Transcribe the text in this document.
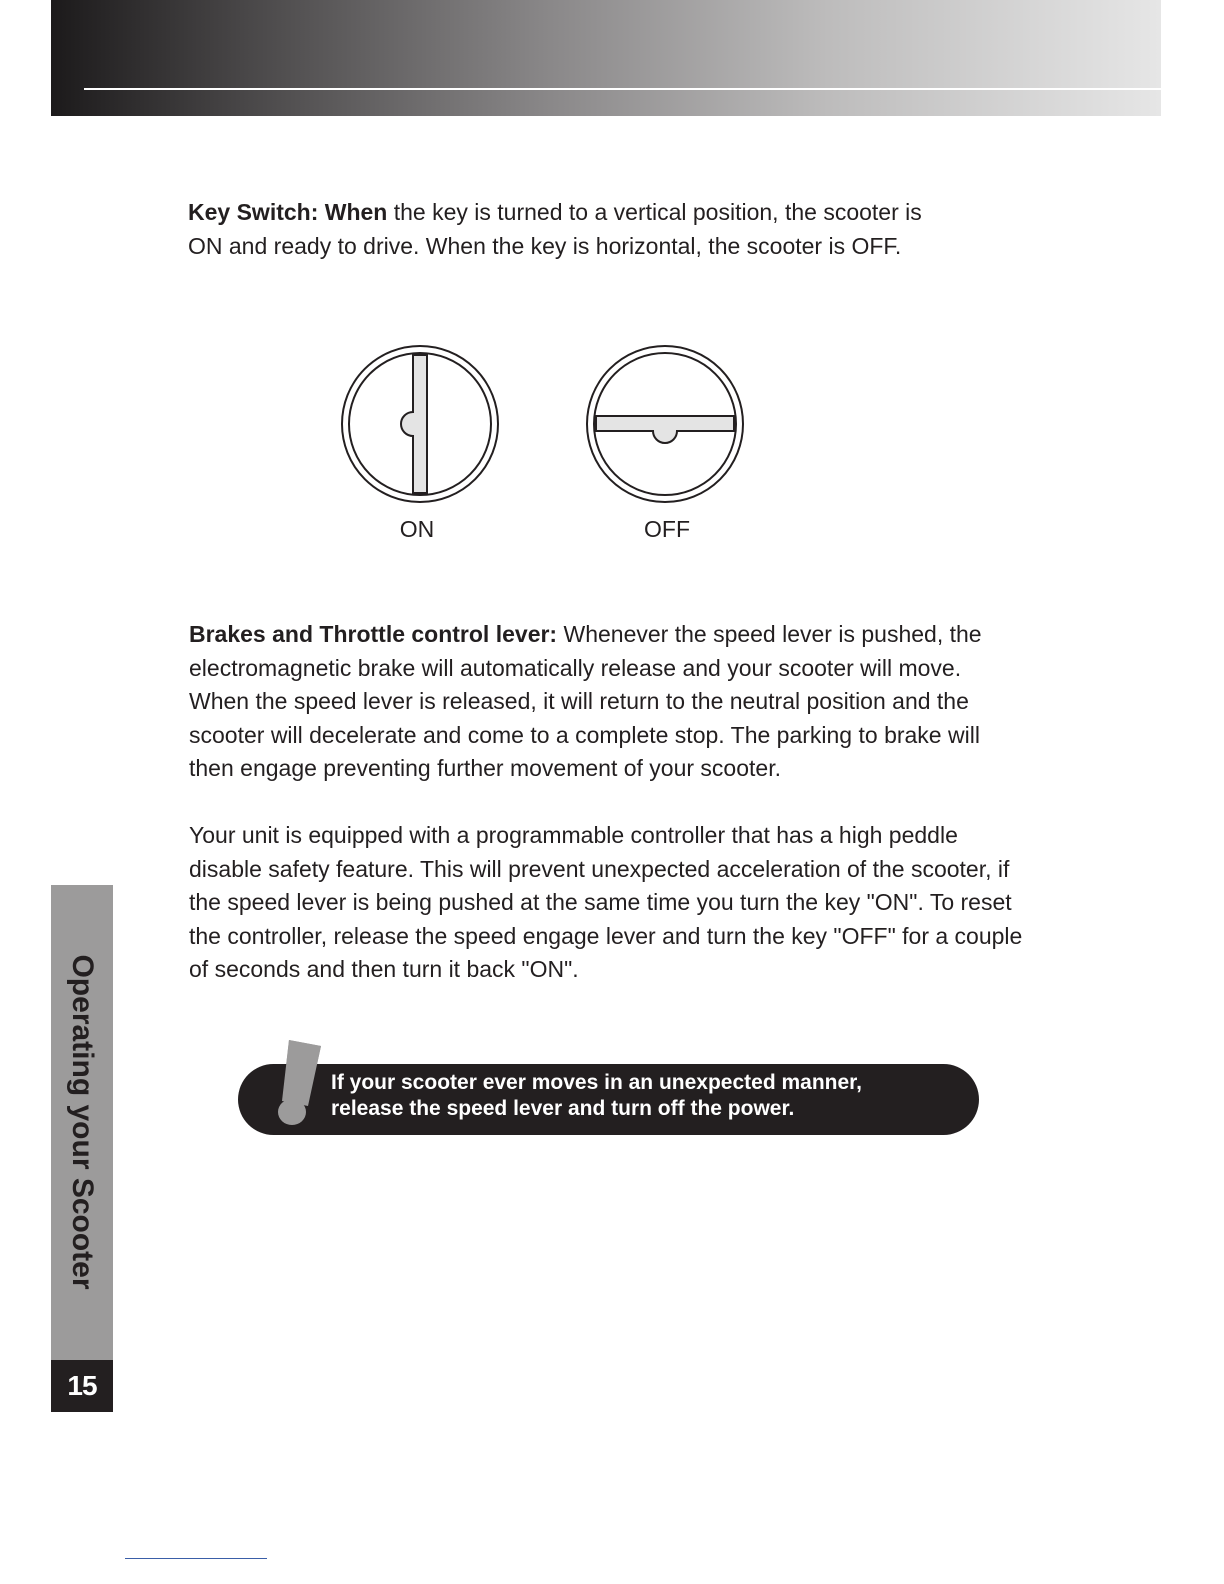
Key Switch: When the key is turned to a vertical position, the scooter is ON and ready to drive. When the key is horizontal, the scooter is OFF.

ON	OFF

Brakes and Throttle control lever: Whenever the speed lever is pushed, the electromagnetic brake will automatically release and your scooter will move. When the speed lever is released, it will return to the neutral position and the scooter will decelerate and come to a complete stop. The parking to brake will then engage preventing further movement of your scooter.

Your unit is equipped with a programmable controller that has a high peddle disable safety feature. This will prevent unexpected acceleration of the scooter, if the speed lever is being pushed at the same time you turn the key "ON". To reset the controller, release the speed engage lever and turn the key "OFF" for a couple of seconds and then turn it back "ON".

If your scooter ever moves in an unexpected manner,
release the speed lever and turn off the power.
Operating your Scooter
15
